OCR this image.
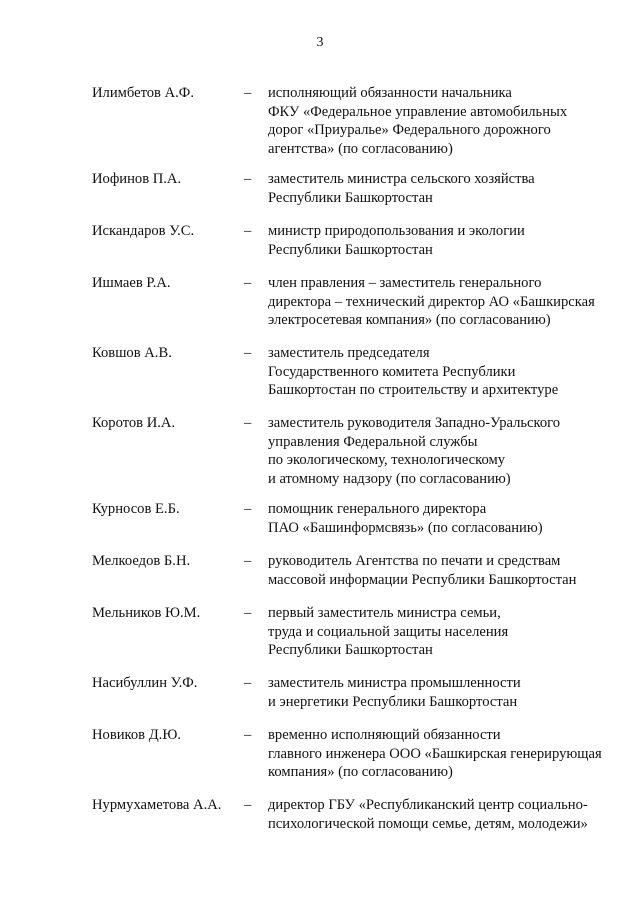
3
Илимбетов А.Ф.	– исполняющий обязанности начальника
ФКУ «Федеральное управление автомобильных
дорог «Приуралье» Федерального дорожного
агентства» (по согласованию)
Иофинов П.А.	– заместитель министра сельского хозяйства
Республики Башкортостан
Искандаров У.С.	– министр природопользования и экологии
Республики Башкортостан
Ишмаев Р.А.	– член правления – заместитель генерального
директора – технический директор АО «Башкирская
электросетевая компания» (по согласованию)
Ковшов А.В.	– заместитель председателя
Государственного комитета Республики
Башкортостан по строительству и архитектуре
Коротов И.А.	– заместитель руководителя Западно-Уральского
управления Федеральной службы
по экологическому, технологическому
и атомному надзору (по согласованию)
Курносов Е.Б.	– помощник генерального директора
ПАО «Башинформсвязь» (по согласованию)
Мелкоедов Б.Н.	– руководитель Агентства по печати и средствам
массовой информации Республики Башкортостан
Мельников Ю.М.	– первый заместитель министра семьи,
труда и социальной защиты населения
Республики Башкортостан
Насибуллин У.Ф.	– заместитель министра промышленности
и энергетики Республики Башкортостан
Новиков Д.Ю.	– временно исполняющий обязанности
главного инженера ООО «Башкирская генерирующая
компания» (по согласованию)
Нурмухаметова А.А. – директор ГБУ «Республиканский центр социально-
психологической помощи семье, детям, молодежи»
